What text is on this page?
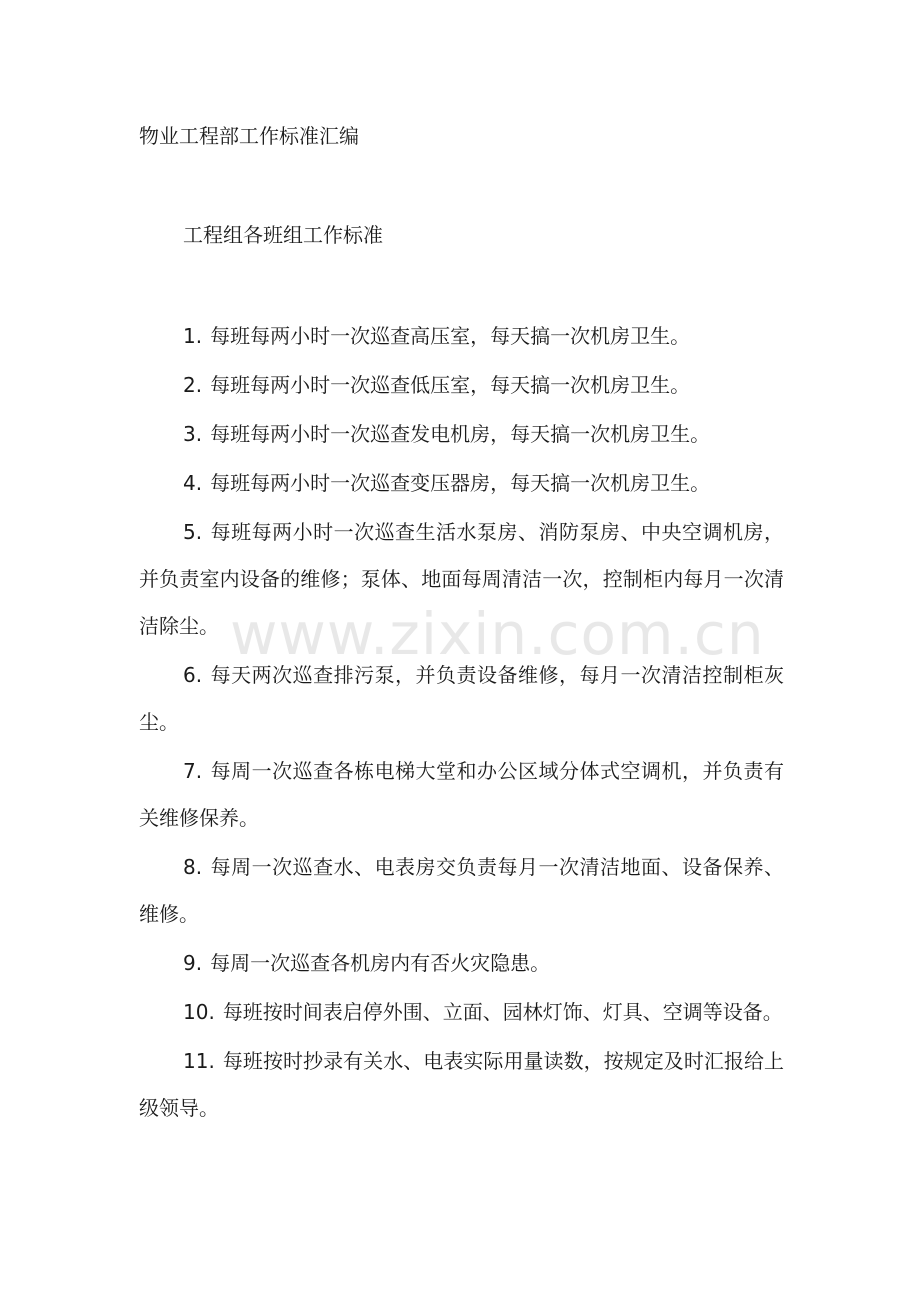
物业工程部工作标准汇编
工程组各班组工作标准
1. 每班每两小时一次巡查高压室，每天搞一次机房卫生。
2. 每班每两小时一次巡查低压室，每天搞一次机房卫生。
3. 每班每两小时一次巡查发电机房，每天搞一次机房卫生。
4. 每班每两小时一次巡查变压器房，每天搞一次机房卫生。
5. 每班每两小时一次巡查生活水泵房、消防泵房、中央空调机房，并负责室内设备的维修；泵体、地面每周清洁一次，控制柜内每月一次清洁除尘。
6. 每天两次巡查排污泵，并负责设备维修，每月一次清洁控制柜灰尘。
7. 每周一次巡查各栋电梯大堂和办公区域分体式空调机，并负责有关维修保养。
8. 每周一次巡查水、电表房交负责每月一次清洁地面、设备保养、维修。
9. 每周一次巡查各机房内有否火灾隐患。
10. 每班按时间表启停外围、立面、园林灯饰、灯具、空调等设备。
11. 每班按时抄录有关水、电表实际用量读数，按规定及时汇报给上级领导。
www.zixin.com.cn
